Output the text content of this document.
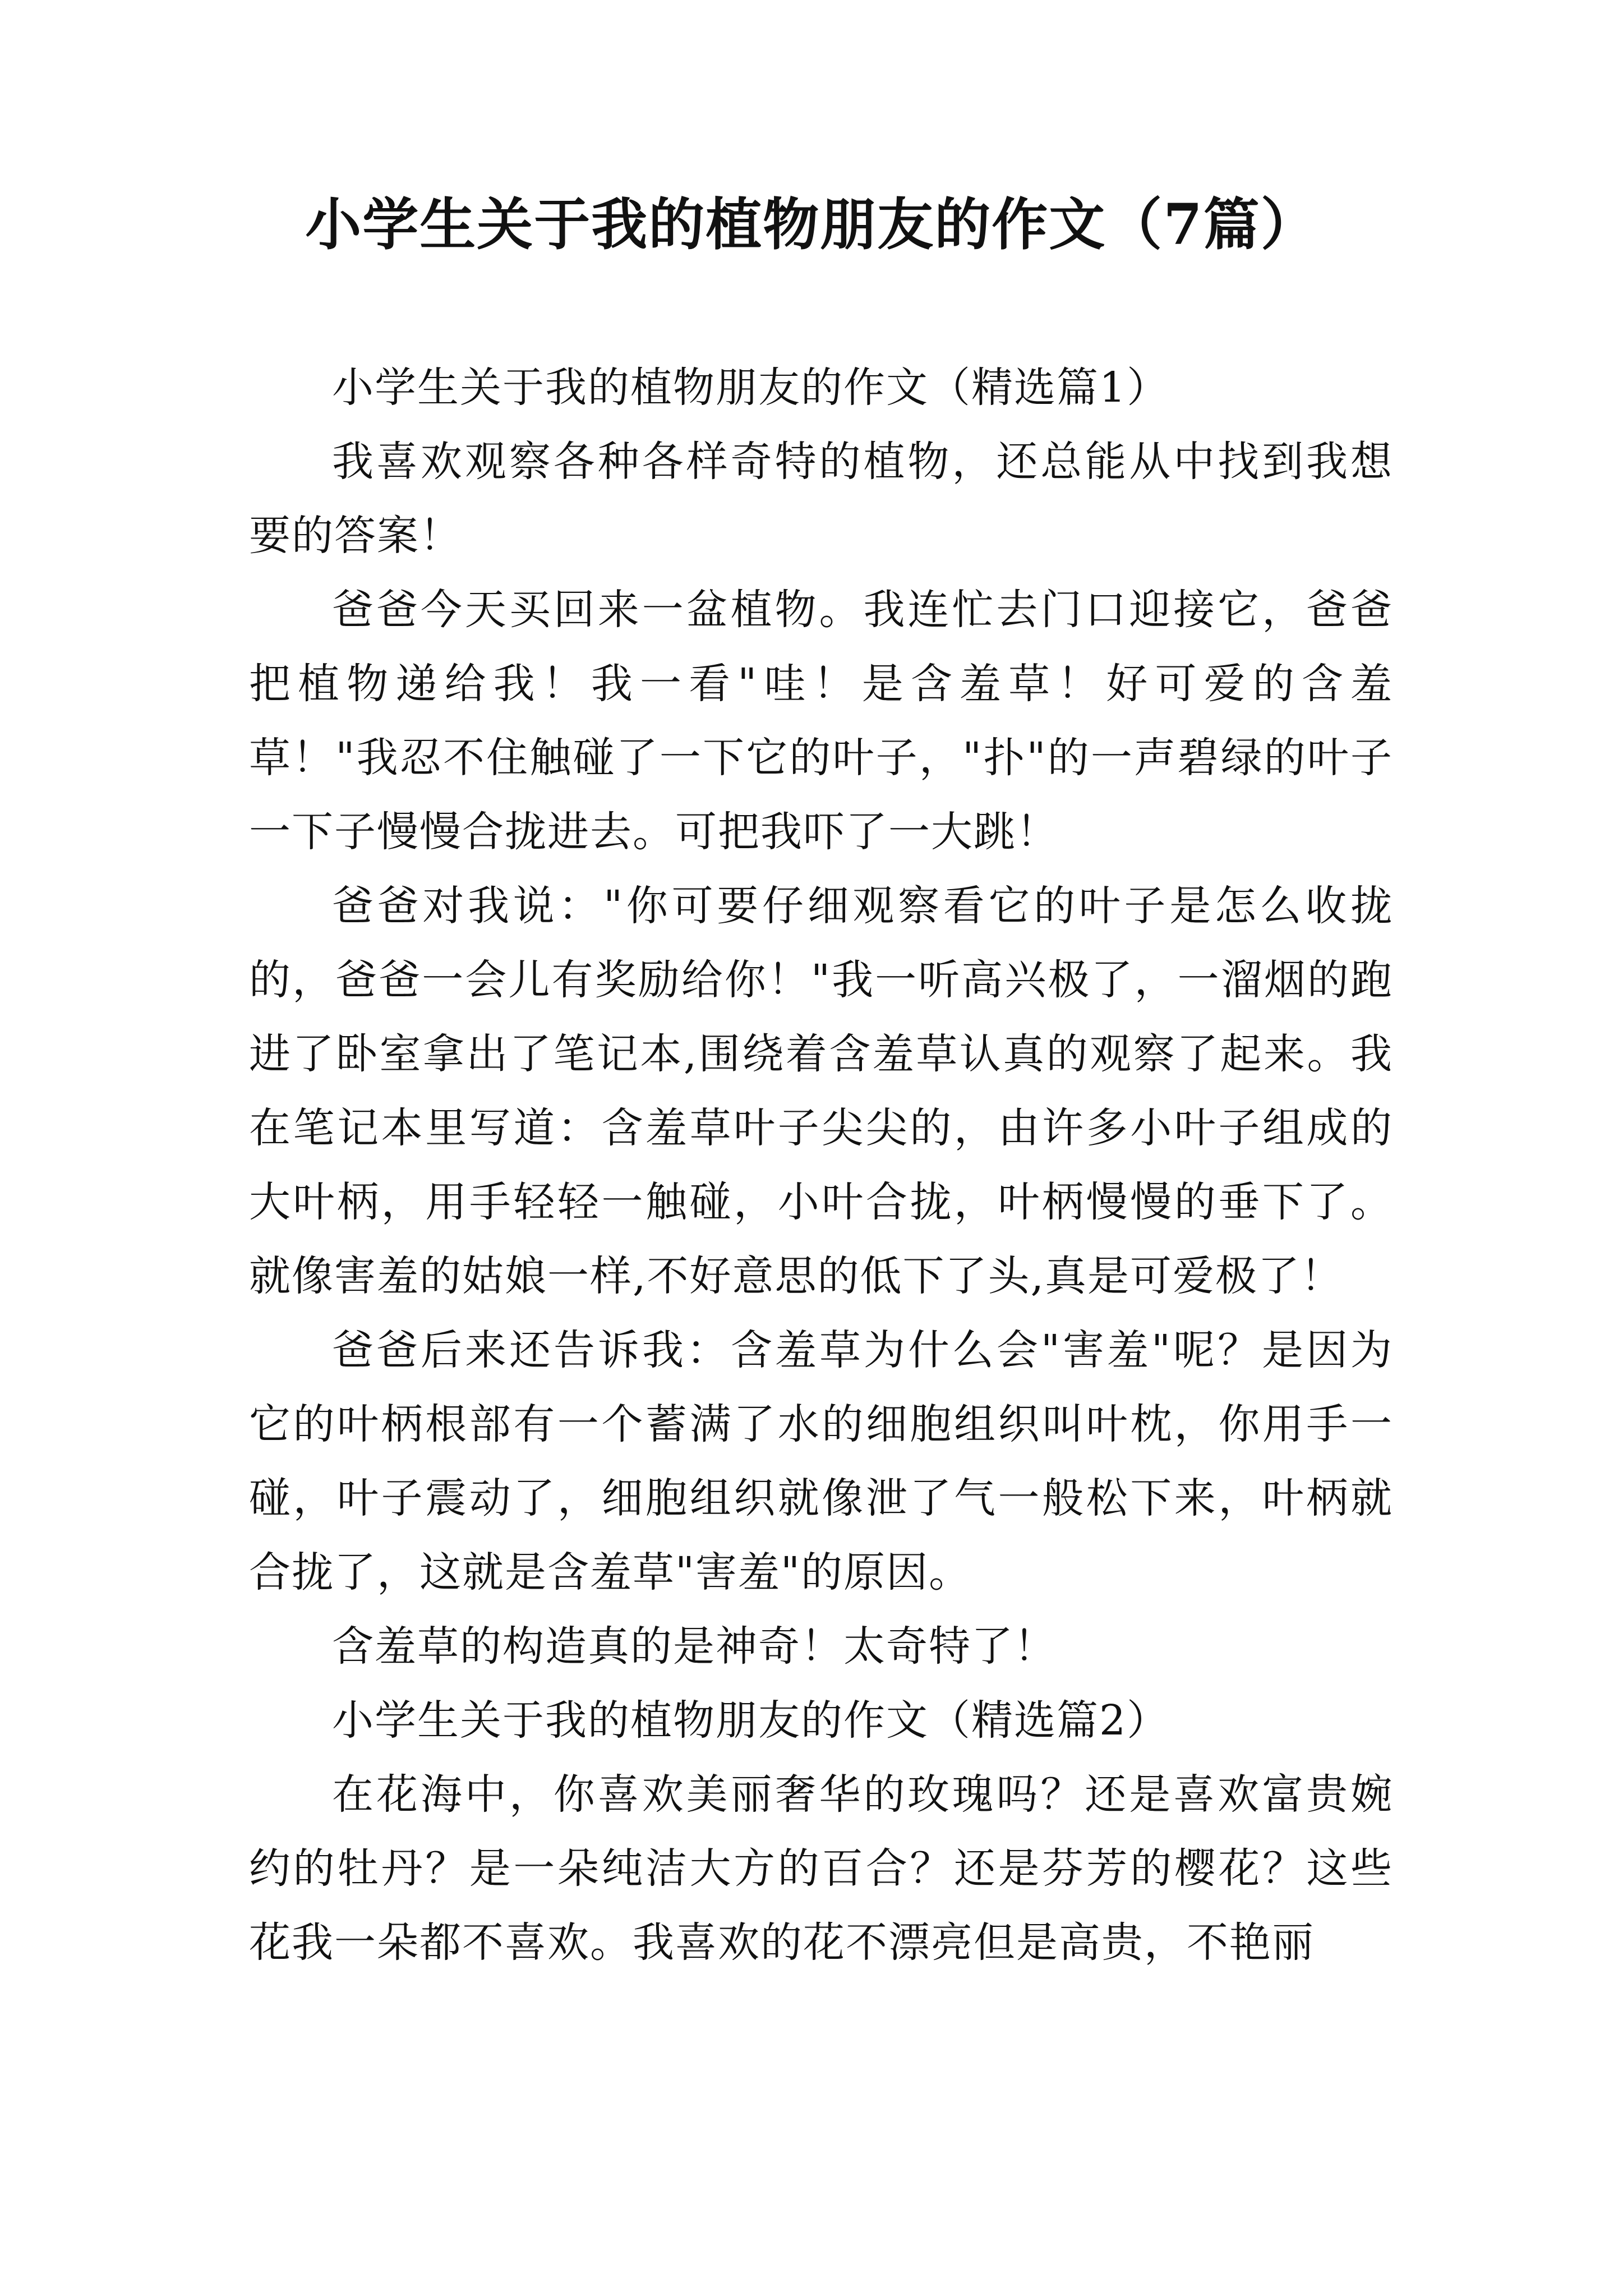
小学生关于我的植物朋友的作文（7篇）

小学生关于我的植物朋友的作文（精选篇1）

我喜欢观察各种各样奇特的植物，还总能从中找到我想要的答案！

爸爸今天买回来一盆植物。我连忙去门口迎接它，爸爸把植物递给我！我一看"哇！是含羞草！好可爱的含羞草！"我忍不住触碰了一下它的叶子，"扑"的一声碧绿的叶子一下子慢慢合拢进去。可把我吓了一大跳！

爸爸对我说："你可要仔细观察看它的叶子是怎么收拢的，爸爸一会儿有奖励给你！"我一听高兴极了，一溜烟的跑进了卧室拿出了笔记本,围绕着含羞草认真的观察了起来。我在笔记本里写道：含羞草叶子尖尖的，由许多小叶子组成的大叶柄，用手轻轻一触碰，小叶合拢，叶柄慢慢的垂下了。就像害羞的姑娘一样,不好意思的低下了头,真是可爱极了！

爸爸后来还告诉我：含羞草为什么会"害羞"呢？是因为它的叶柄根部有一个蓄满了水的细胞组织叫叶枕，你用手一碰，叶子震动了，细胞组织就像泄了气一般松下来，叶柄就合拢了，这就是含羞草"害羞"的原因。

含羞草的构造真的是神奇！太奇特了！

小学生关于我的植物朋友的作文（精选篇2）

在花海中，你喜欢美丽奢华的玫瑰吗？还是喜欢富贵婉约的牡丹？是一朵纯洁大方的百合？还是芬芳的樱花？这些花我一朵都不喜欢。我喜欢的花不漂亮但是高贵，不艳丽
